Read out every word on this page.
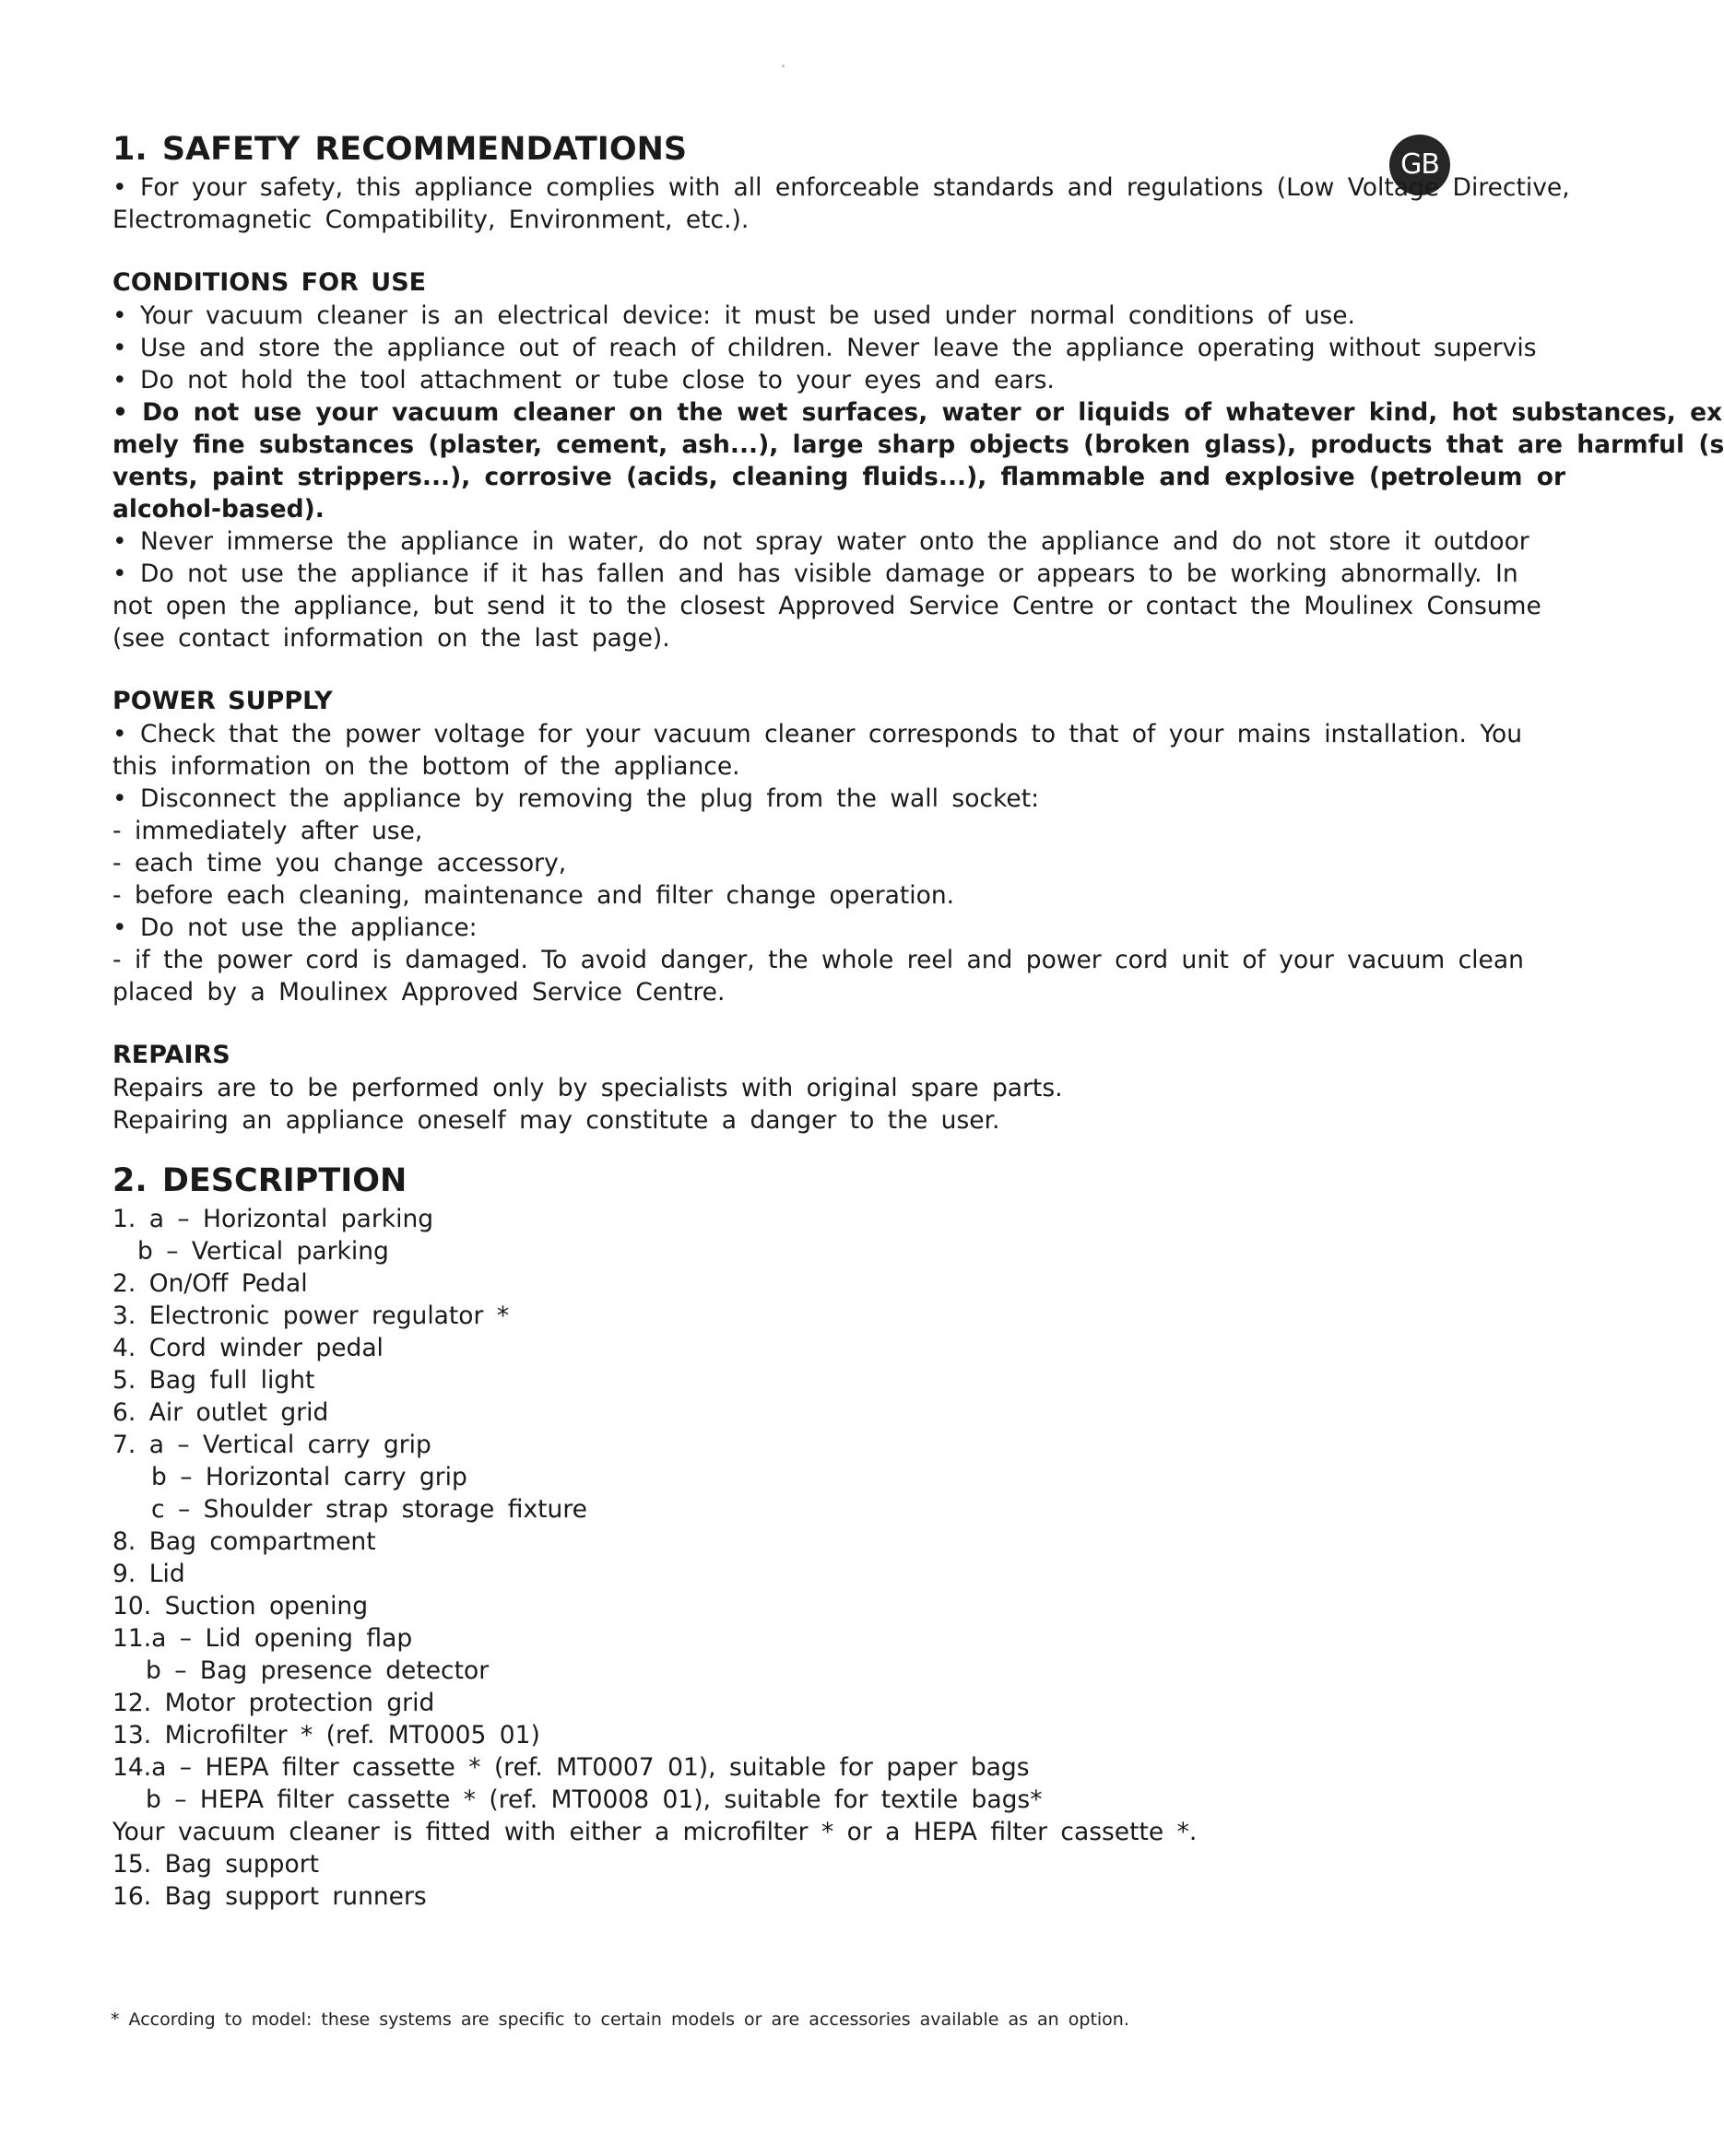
GB
1. SAFETY RECOMMENDATIONS
• For your safety, this appliance complies with all enforceable standards and regulations (Low Voltage Directive,
Electromagnetic Compatibility, Environment, etc.).
CONDITIONS FOR USE
• Your vacuum cleaner is an electrical device: it must be used under normal conditions of use.
• Use and store the appliance out of reach of children. Never leave the appliance operating without supervis
• Do not hold the tool attachment or tube close to your eyes and ears.
• Do not use your vacuum cleaner on the wet surfaces, water or liquids of whatever kind, hot substances, ex
mely fine substances (plaster, cement, ash...), large sharp objects (broken glass), products that are harmful (s
vents, paint strippers...), corrosive (acids, cleaning fluids...), flammable and explosive (petroleum or
alcohol-based).
• Never immerse the appliance in water, do not spray water onto the appliance and do not store it outdoor
• Do not use the appliance if it has fallen and has visible damage or appears to be working abnormally. In
not open the appliance, but send it to the closest Approved Service Centre or contact the Moulinex Consume
(see contact information on the last page).
POWER SUPPLY
• Check that the power voltage for your vacuum cleaner corresponds to that of your mains installation. You
this information on the bottom of the appliance.
• Disconnect the appliance by removing the plug from the wall socket:
- immediately after use,
- each time you change accessory,
- before each cleaning, maintenance and filter change operation.
• Do not use the appliance:
- if the power cord is damaged. To avoid danger, the whole reel and power cord unit of your vacuum clean
placed by a Moulinex Approved Service Centre.
REPAIRS
Repairs are to be performed only by specialists with original spare parts.
Repairing an appliance oneself may constitute a danger to the user.
2. DESCRIPTION
1. a – Horizontal parking
b – Vertical parking
2. On/Off Pedal
3. Electronic power regulator *
4. Cord winder pedal
5. Bag full light
6. Air outlet grid
7. a – Vertical carry grip
b – Horizontal carry grip
c – Shoulder strap storage fixture
8. Bag compartment
9. Lid
10. Suction opening
11.a – Lid opening flap
b – Bag presence detector
12. Motor protection grid
13. Microfilter * (ref. MT0005 01)
14.a – HEPA filter cassette * (ref. MT0007 01), suitable for paper bags
b – HEPA filter cassette * (ref. MT0008 01), suitable for textile bags*
Your vacuum cleaner is fitted with either a microfilter * or a HEPA filter cassette *.
15. Bag support
16. Bag support runners
* According to model: these systems are specific to certain models or are accessories available as an option.
